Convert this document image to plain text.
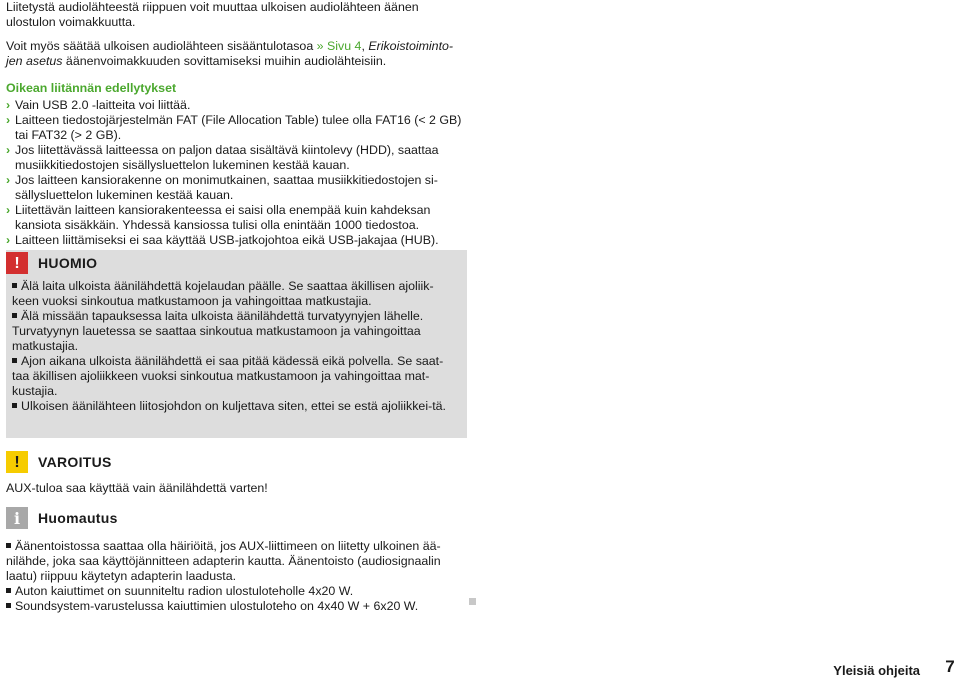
Liitetystä audiolähteestä riippuen voit muuttaa ulkoisen audiolähteen äänen ulostulon voimakkuutta.

Voit myös säätää ulkoisen audiolähteen sisääntulotasoa » Sivu 4, Erikoistoiminto-jen asetus äänenvoimakkuuden sovittamiseksi muihin audiolähteisiin.

Oikean liitännän edellytykset
› Vain USB 2.0 -laitteita voi liittää.
› Laitteen tiedostojärjestelmän FAT (File Allocation Table) tulee olla FAT16 (< 2 GB) tai FAT32 (> 2 GB).
› Jos liitettävässä laitteessa on paljon dataa sisältävä kiintolevy (HDD), saattaa musiikkitiedostojen sisällysluettelon lukeminen kestää kauan.
› Jos laitteen kansiorakenne on monimutkainen, saattaa musiikkitiedostojen si-sällysluettelon lukeminen kestää kauan.
› Liitettävän laitteen kansiorakenteessa ei saisi olla enempää kuin kahdeksan kansiota sisäkkäin. Yhdessä kansiossa tulisi olla enintään 1000 tiedostoa.
› Laitteen liittämiseksi ei saa käyttää USB-jatkojohtoa eikä USB-jakajaa (HUB).
!	HUOMIO

Älä laita ulkoista äänilähdettä kojelaudan päälle. Se saattaa äkillisen ajoliik-keen vuoksi sinkoutua matkustamoon ja vahingoittaa matkustajia.

Älä missään tapauksessa laita ulkoista äänilähdettä turvatyynyjen lähelle. Turvatyynyn lauetessa se saattaa sinkoutua matkustamoon ja vahingoittaa matkustajia.

Ajon aikana ulkoista äänilähdettä ei saa pitää kädessä eikä polvella. Se saat-taa äkillisen ajoliikkeen vuoksi sinkoutua matkustamoon ja vahingoittaa mat-kustajia.

Ulkoisen äänilähteen liitosjohdon on kuljettava siten, ettei se estä ajoliikkei-tä.

!	VAROITUS
AUX-tuloa saa käyttää vain äänilähdettä varten!
i	Huomautus

Äänentoistossa saattaa olla häiriöitä, jos AUX-liittimeen on liitetty ulkoinen ää-nilähde, joka saa käyttöjännitteen adapterin kautta. Äänentoisto (audiosignaalin laatu) riippuu käytetyn adapterin laadusta.

Auton kaiuttimet on suunniteltu radion ulostuloteholle 4x20 W.

Soundsystem-varustelussa kaiuttimien ulostuloteho on 4x40 W + 6x20 W.

Yleisiä ohjeita	7
